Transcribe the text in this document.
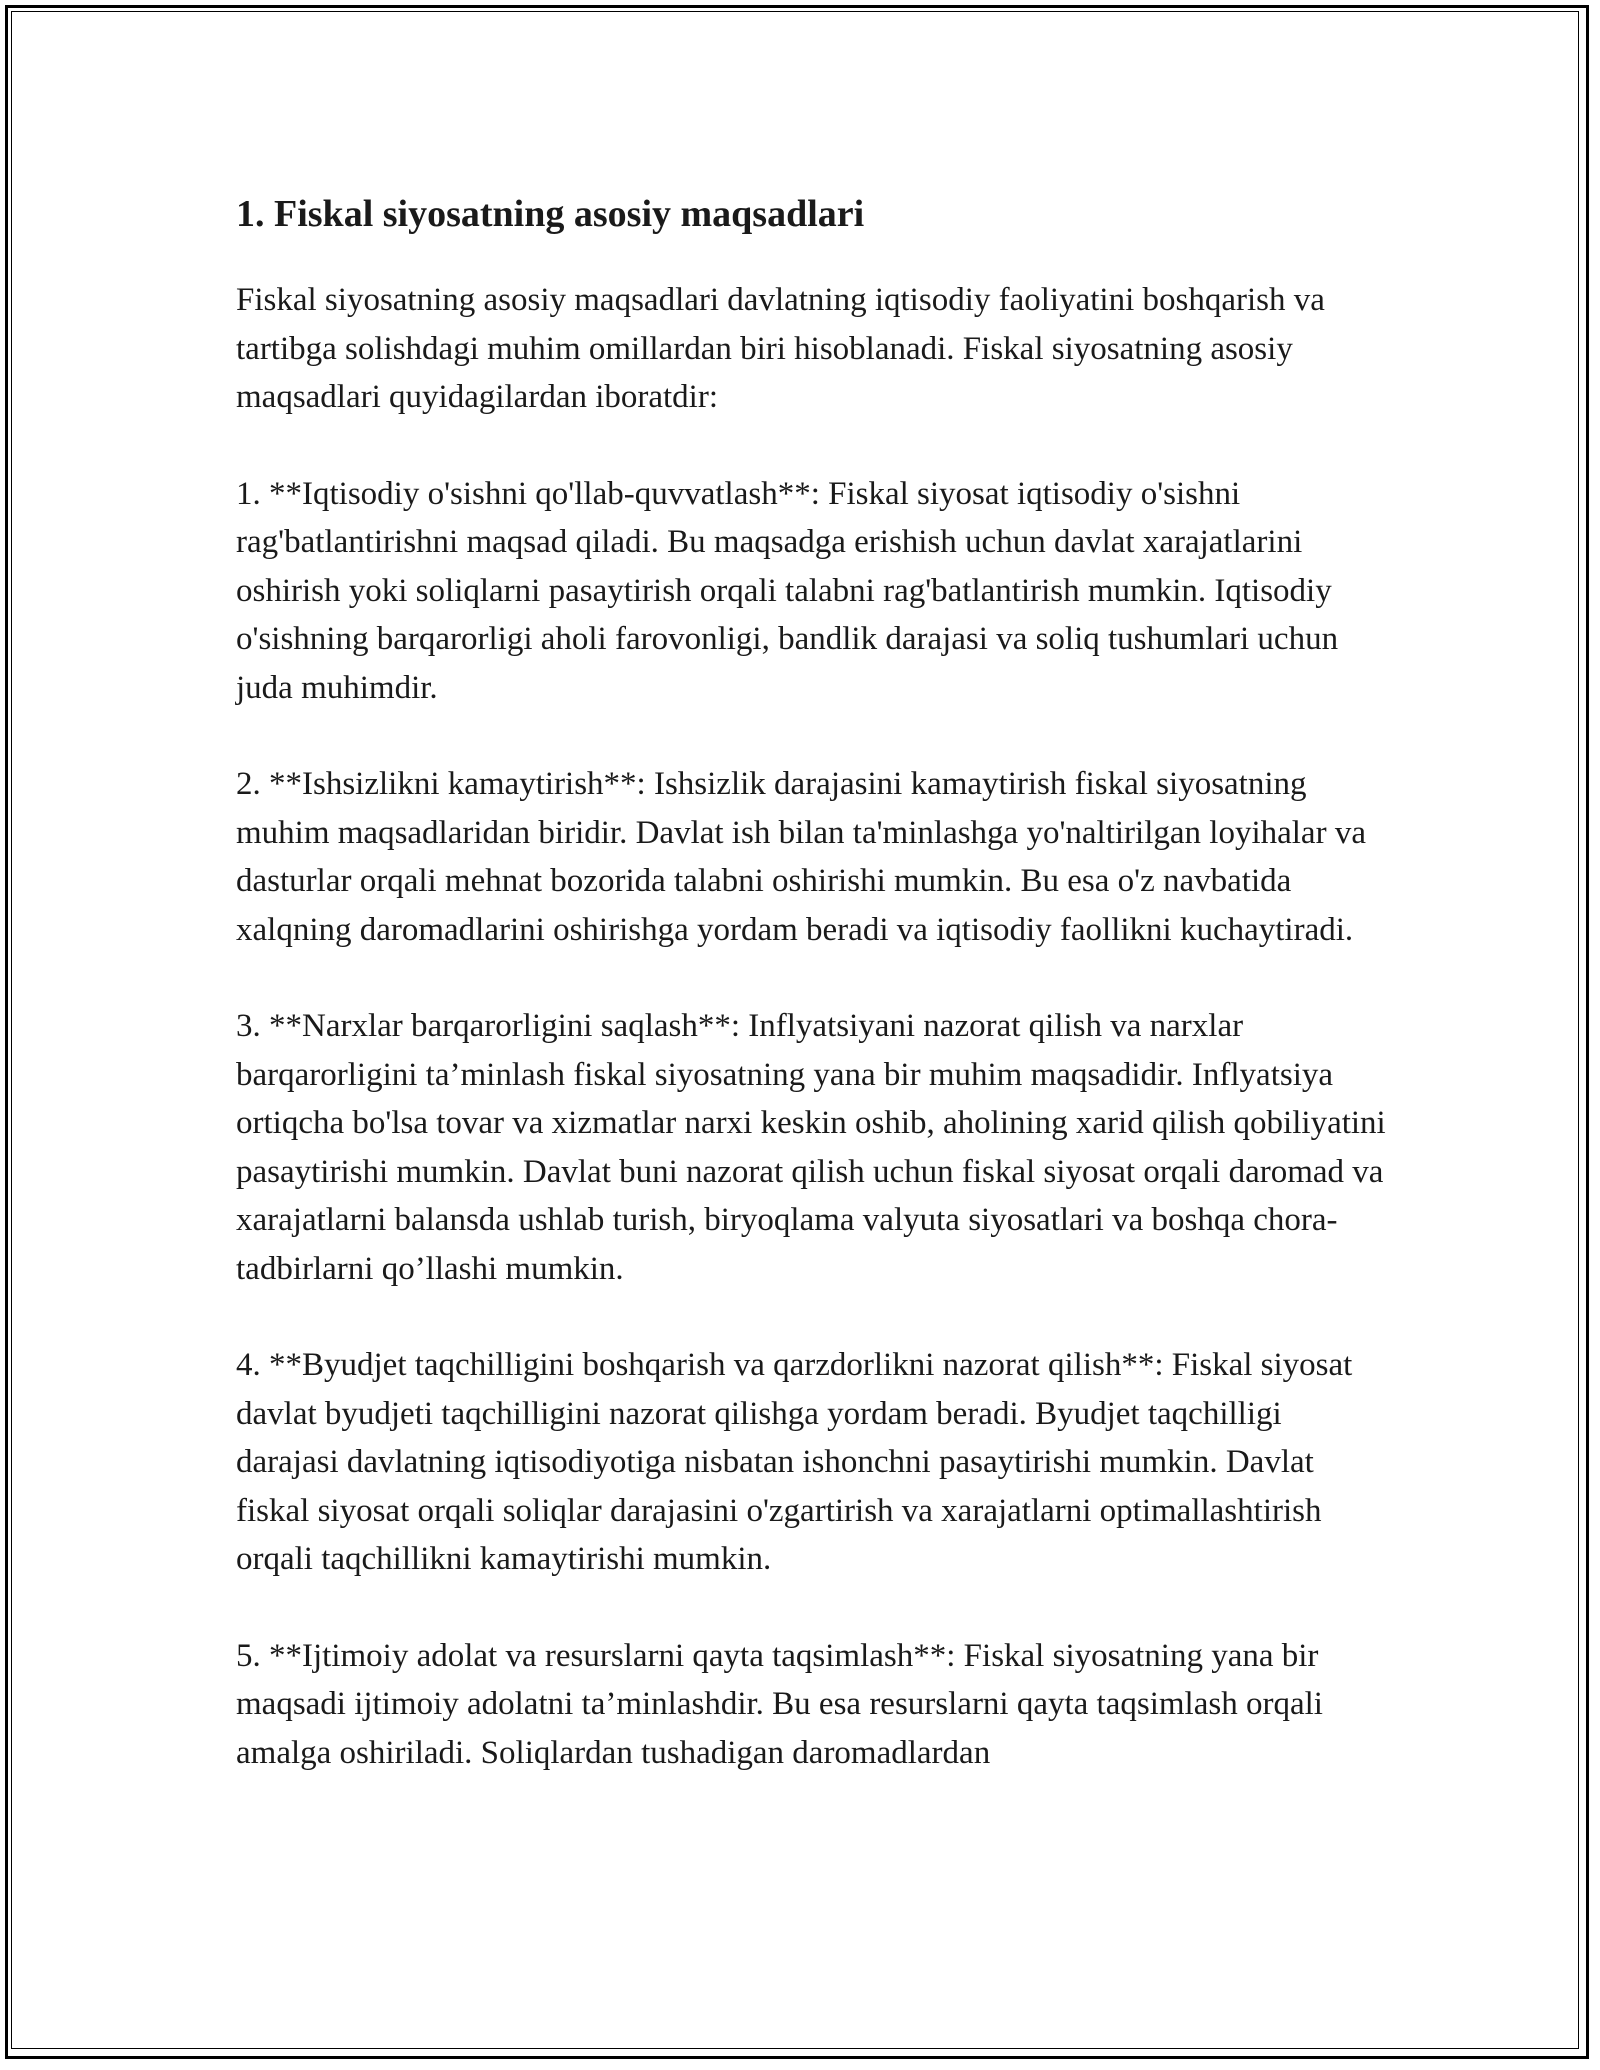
1. Fiskal siyosatning asosiy maqsadlari

Fiskal siyosatning asosiy maqsadlari davlatning iqtisodiy faoliyatini boshqarish va tartibga solishdagi muhim omillardan biri hisoblanadi. Fiskal siyosatning asosiy maqsadlari quyidagilardan iboratdir:

1. **Iqtisodiy o'sishni qo'llab-quvvatlash**: Fiskal siyosat iqtisodiy o'sishni rag'batlantirishni maqsad qiladi. Bu maqsadga erishish uchun davlat xarajatlarini oshirish yoki soliqlarni pasaytirish orqali talabni rag'batlantirish mumkin. Iqtisodiy o'sishning barqarorligi aholi farovonligi, bandlik darajasi va soliq tushumlari uchun juda muhimdir.

2. **Ishsizlikni kamaytirish**: Ishsizlik darajasini kamaytirish fiskal siyosatning muhim maqsadlaridan biridir. Davlat ish bilan ta'minlashga yo'naltirilgan loyihalar va dasturlar orqali mehnat bozorida talabni oshirishi mumkin. Bu esa o'z navbatida xalqning daromadlarini oshirishga yordam beradi va iqtisodiy faollikni kuchaytiradi.

3. **Narxlar barqarorligini saqlash**: Inflyatsiyani nazorat qilish va narxlar barqarorligini ta’minlash fiskal siyosatning yana bir muhim maqsadidir. Inflyatsiya ortiqcha bo'lsa tovar va xizmatlar narxi keskin oshib, aholining xarid qilish qobiliyatini pasaytirishi mumkin. Davlat buni nazorat qilish uchun fiskal siyosat orqali daromad va xarajatlarni balansda ushlab turish, biryoqlama valyuta siyosatlari va boshqa chora-tadbirlarni qo’llashi mumkin.

4. **Byudjet taqchilligini boshqarish va qarzdorlikni nazorat qilish**: Fiskal siyosat davlat byudjeti taqchilligini nazorat qilishga yordam beradi. Byudjet taqchilligi darajasi davlatning iqtisodiyotiga nisbatan ishonchni pasaytirishi mumkin. Davlat fiskal siyosat orqali soliqlar darajasini o'zgartirish va xarajatlarni optimallashtirish orqali taqchillikni kamaytirishi mumkin.

5. **Ijtimoiy adolat va resurslarni qayta taqsimlash**: Fiskal siyosatning yana bir maqsadi ijtimoiy adolatni ta’minlashdir. Bu esa resurslarni qayta taqsimlash orqali amalga oshiriladi. Soliqlardan tushadigan daromadlardan
